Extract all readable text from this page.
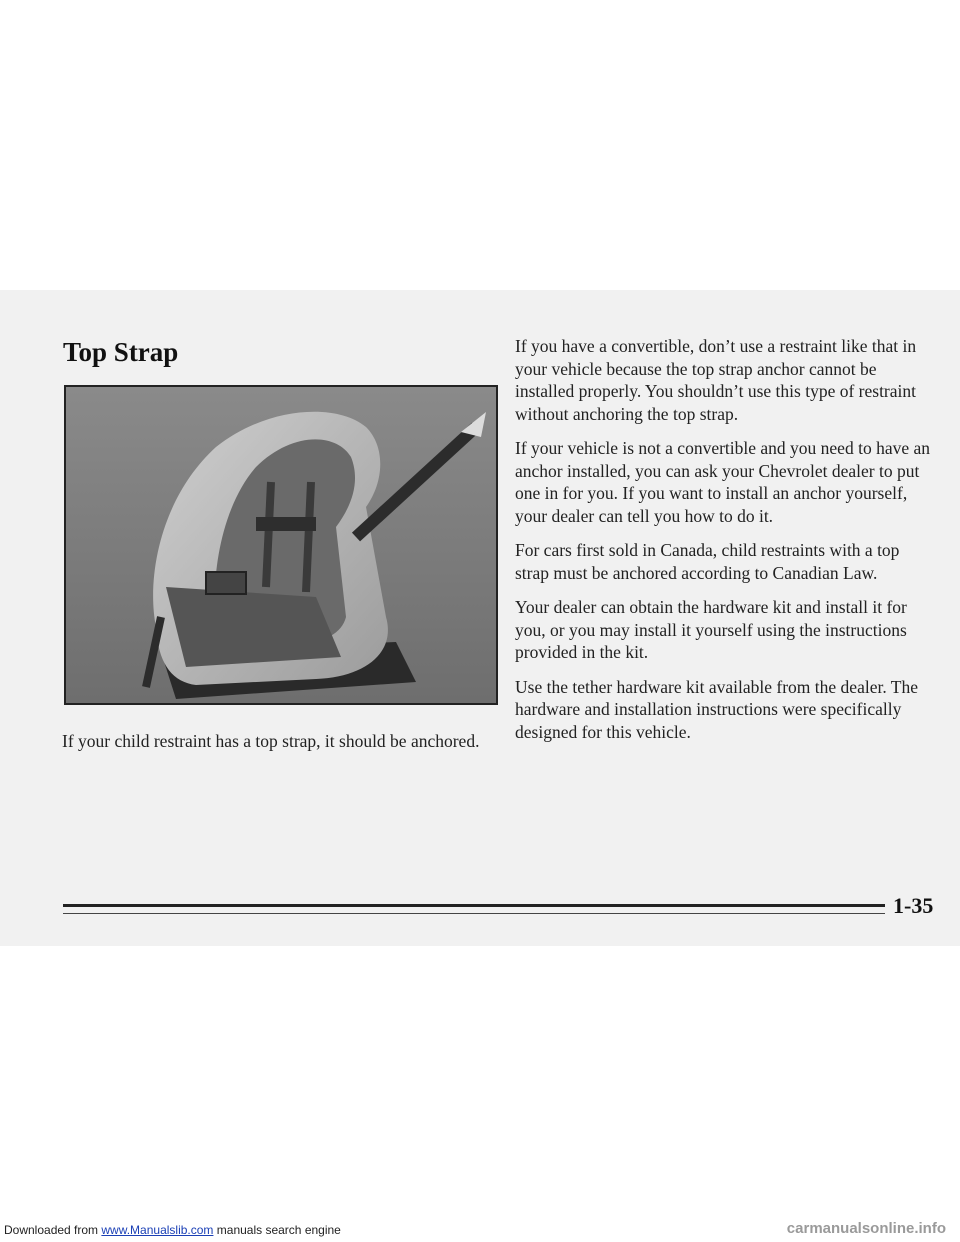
Top Strap

If your child restraint has a top strap, it should be anchored.

If you have a convertible, don’t use a restraint like that in your vehicle because the top strap anchor cannot be installed properly. You shouldn’t use this type of restraint without anchoring the top strap.

If your vehicle is not a convertible and you need to have an anchor installed, you can ask your Chevrolet dealer to put one in for you. If you want to install an anchor yourself, your dealer can tell you how to do it.

For cars first sold in Canada, child restraints with a top strap must be anchored according to Canadian Law.

Your dealer can obtain the hardware kit and install it for you, or you may install it yourself using the instructions provided in the kit.

Use the tether hardware kit available from the dealer. The hardware and installation instructions were specifically designed for this vehicle.

1-35

Downloaded from www.Manualslib.com manuals search engine	carmanualsonline.info
